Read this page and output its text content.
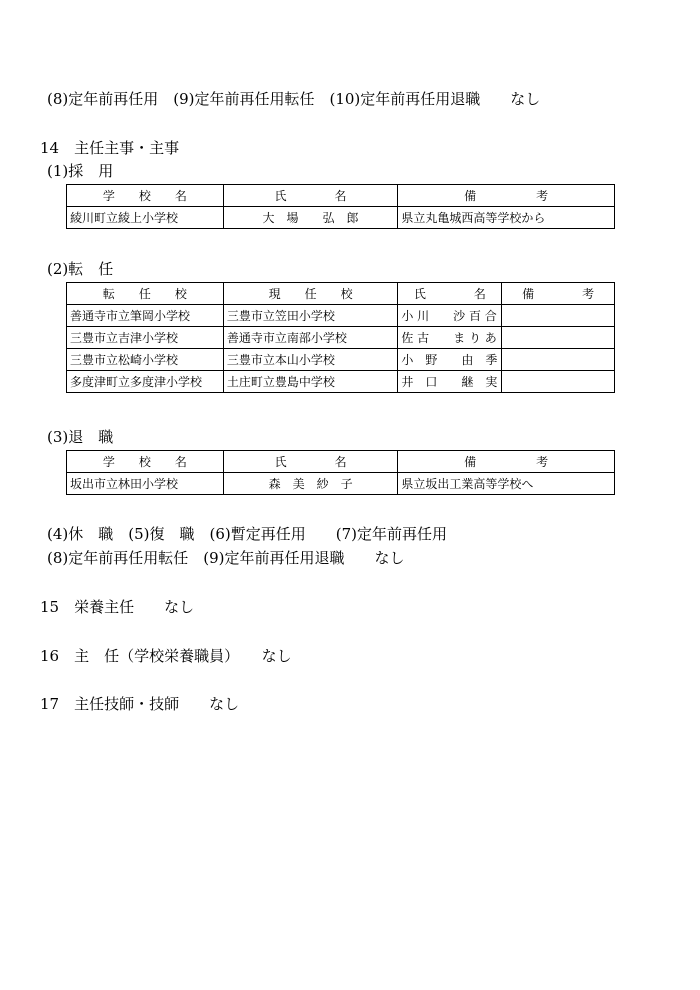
(8)定年前再任用　(9)定年前再任用転任　(10)定年前再任用退職　　なし
14　主任主事・主事
(1)採　用
学　　校　　名	氏　　　　名	備　　　　　考
綾川町立綾上小学校	大　場　　弘　郎	県立丸亀城西高等学校から
(2)転　任
転　　任　　校	現　　任　　校	氏　　　　名	備　　　　考
善通寺市立筆岡小学校	三豊市立笠田小学校	小 川　　沙 百 合	
三豊市立吉津小学校	善通寺市立南部小学校	佐 古　　ま り あ	
三豊市立松崎小学校	三豊市立本山小学校	小　野　　由　季	
多度津町立多度津小学校	土庄町立豊島中学校	井　口　　継　実	
(3)退　職
学　　校　　名	氏　　　　名	備　　　　　考
坂出市立林田小学校	森　美　紗　子	県立坂出工業高等学校へ
(4)休　職　(5)復　職　(6)暫定再任用　　(7)定年前再任用
(8)定年前再任用転任　(9)定年前再任用退職　　なし
15　栄養主任　　なし
16　主　任（学校栄養職員）　　なし
17　主任技師・技師　　なし
